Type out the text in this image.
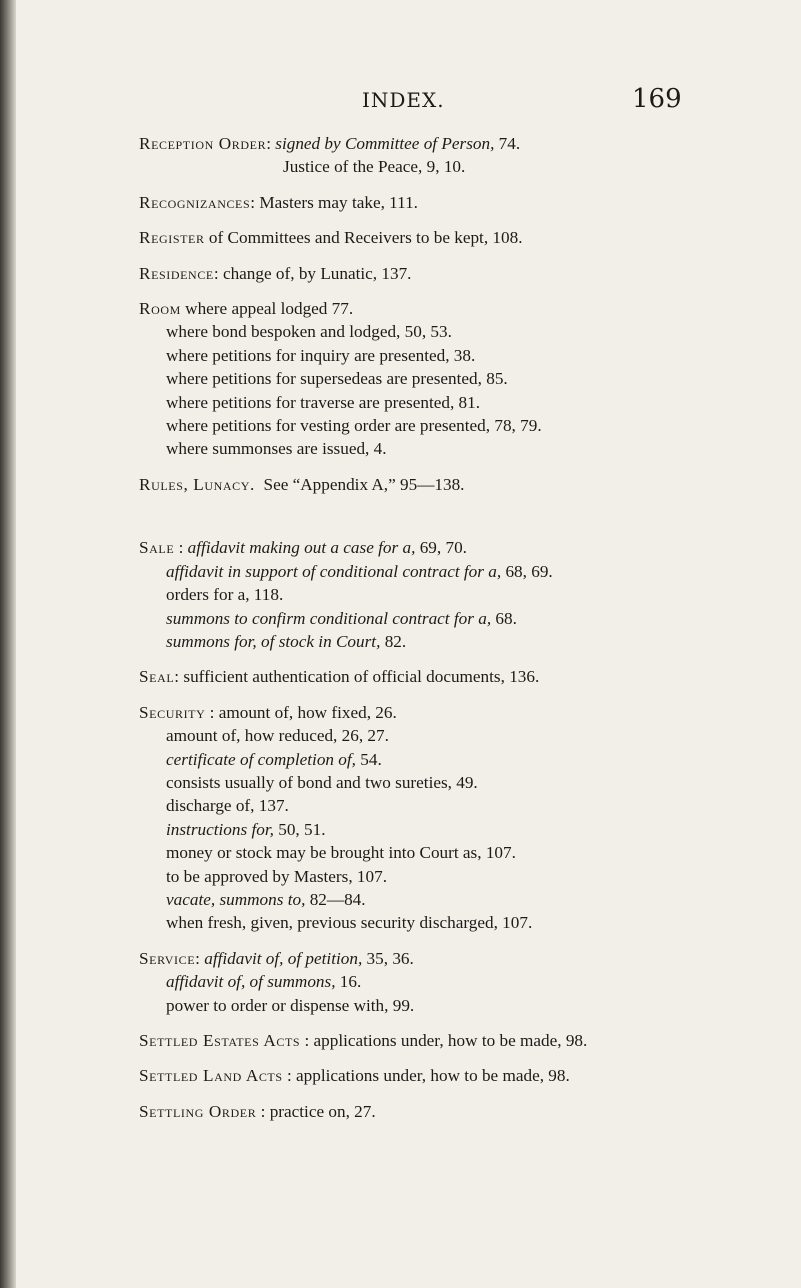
INDEX.	169
Reception Order: signed by Committee of Person, 74.
Justice of the Peace, 9, 10.
Recognizances: Masters may take, 111.
Register of Committees and Receivers to be kept, 108.
Residence: change of, by Lunatic, 137.
Room where appeal lodged 77.
where bond bespoken and lodged, 50, 53.
where petitions for inquiry are presented, 38.
where petitions for supersedeas are presented, 85.
where petitions for traverse are presented, 81.
where petitions for vesting order are presented, 78, 79.
where summonses are issued, 4.
Rules, Lunacy. See “Appendix A,” 95—138.
Sale : affidavit making out a case for a, 69, 70.
affidavit in support of conditional contract for a, 68, 69.
orders for a, 118.
summons to confirm conditional contract for a, 68.
summons for, of stock in Court, 82.
Seal: sufficient authentication of official documents, 136.
Security : amount of, how fixed, 26.
amount of, how reduced, 26, 27.
certificate of completion of, 54.
consists usually of bond and two sureties, 49.
discharge of, 137.
instructions for, 50, 51.
money or stock may be brought into Court as, 107.
to be approved by Masters, 107.
vacate, summons to, 82—84.
when fresh, given, previous security discharged, 107.
Service: affidavit of, of petition, 35, 36.
affidavit of, of summons, 16.
power to order or dispense with, 99.
Settled Estates Acts : applications under, how to be made, 98.
Settled Land Acts : applications under, how to be made, 98.
Settling Order : practice on, 27.
